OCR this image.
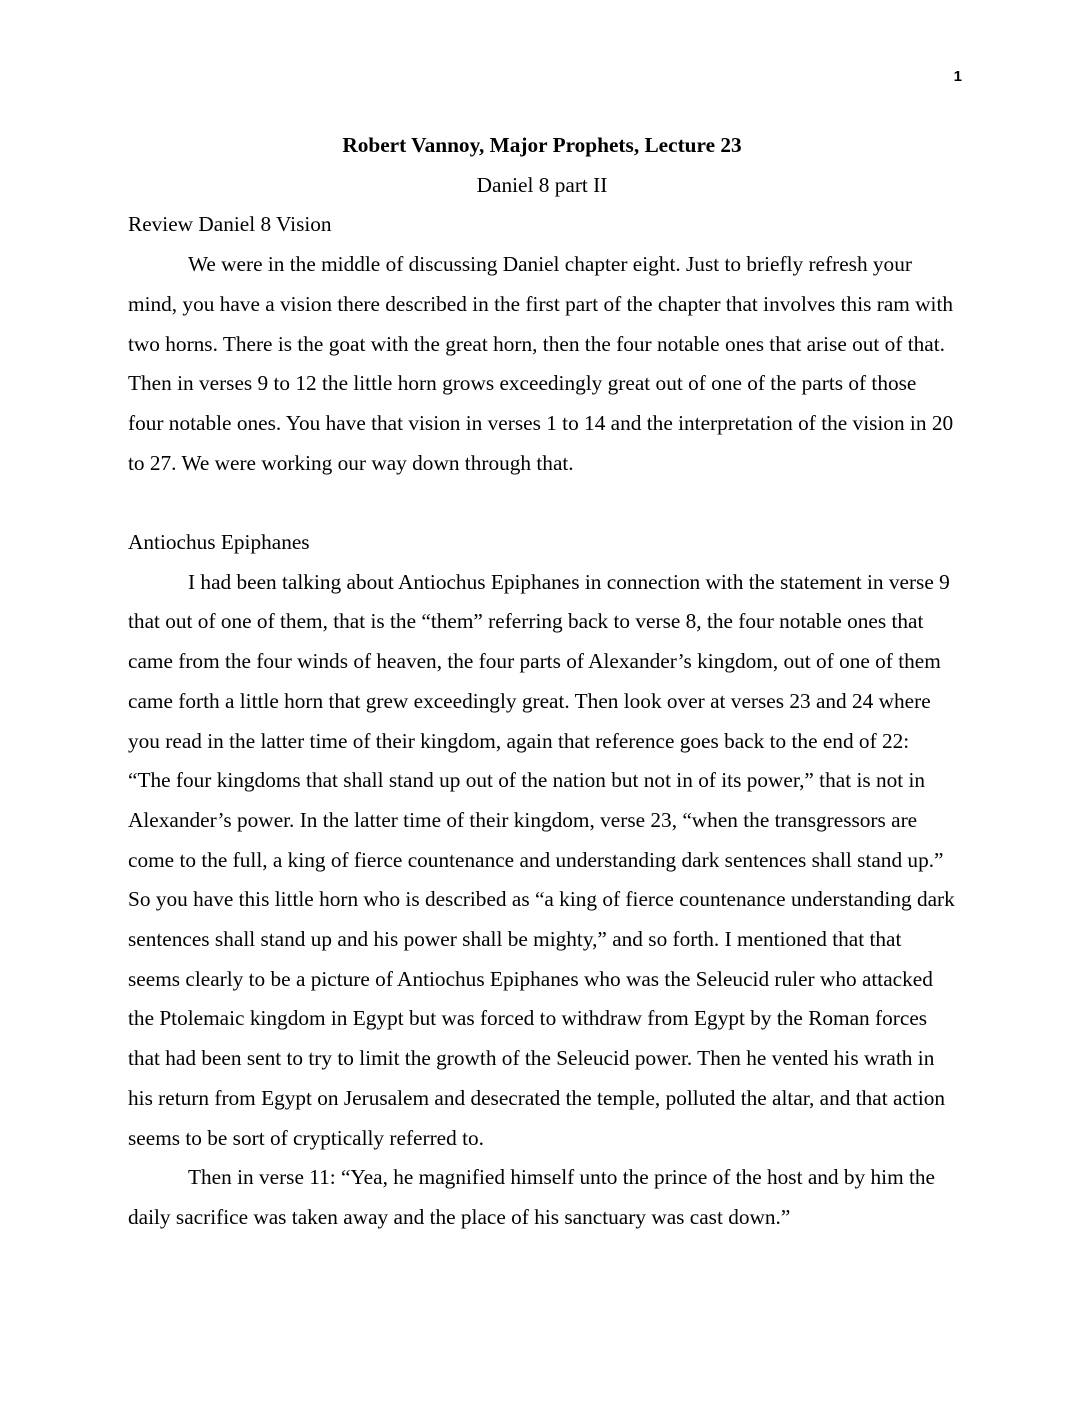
1
Robert Vannoy, Major Prophets, Lecture 23
Daniel 8 part II
Review Daniel 8 Vision

We were in the middle of discussing Daniel chapter eight. Just to briefly refresh your mind, you have a vision there described in the first part of the chapter that involves this ram with two horns. There is the goat with the great horn, then the four notable ones that arise out of that. Then in verses 9 to 12 the little horn grows exceedingly great out of one of the parts of those four notable ones. You have that vision in verses 1 to 14 and the interpretation of the vision in 20 to 27. We were working our way down through that.

Antiochus Epiphanes

I had been talking about Antiochus Epiphanes in connection with the statement in verse 9 that out of one of them, that is the “them” referring back to verse 8, the four notable ones that came from the four winds of heaven, the four parts of Alexander’s kingdom, out of one of them came forth a little horn that grew exceedingly great. Then look over at verses 23 and 24 where you read in the latter time of their kingdom, again that reference goes back to the end of 22: “The four kingdoms that shall stand up out of the nation but not in of its power,” that is not in Alexander’s power. In the latter time of their kingdom, verse 23, “when the transgressors are come to the full, a king of fierce countenance and understanding dark sentences shall stand up.” So you have this little horn who is described as “a king of fierce countenance understanding dark sentences shall stand up and his power shall be mighty,” and so forth. I mentioned that that seems clearly to be a picture of Antiochus Epiphanes who was the Seleucid ruler who attacked the Ptolemaic kingdom in Egypt but was forced to withdraw from Egypt by the Roman forces that had been sent to try to limit the growth of the Seleucid power. Then he vented his wrath in his return from Egypt on Jerusalem and desecrated the temple, polluted the altar, and that action seems to be sort of cryptically referred to.

Then in verse 11: “Yea, he magnified himself unto the prince of the host and by him the daily sacrifice was taken away and the place of his sanctuary was cast down.”
